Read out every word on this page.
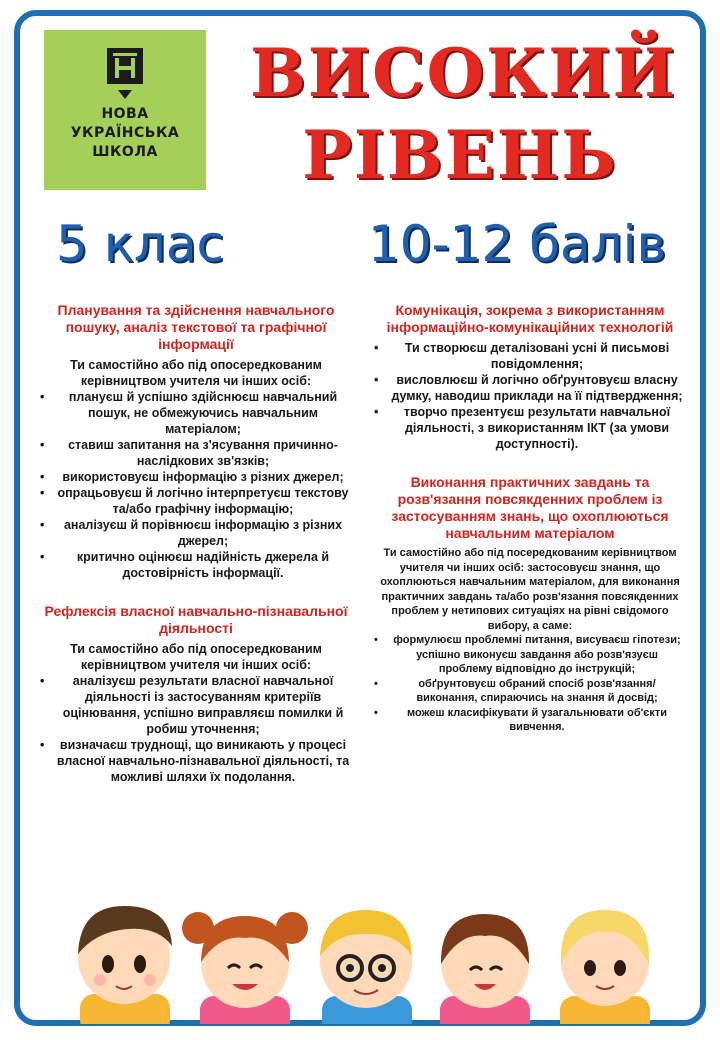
НОВА
УКРАЇНСЬКА
ШКОЛА
ВИСОКИЙ
РІВЕНЬ
5 клас	10-12 балів
Планування та здійснення навчального пошуку, аналіз текстової та графічної інформації
Ти самостійно або під опосередкованим керівництвом учителя чи інших осіб:
• плануєш й успішно здійснюєш навчальний пошук, не обмежуючись навчальним матеріалом;
• ставиш запитання на з'ясування причинно-наслідкових зв'язків;
• використовуєш інформацію з різних джерел;
• опрацьовуєш й логічно інтерпретуєш текстову та/або графічну інформацію;
• аналізуєш й порівнюєш інформацію з різних джерел;
• критично оцінюєш надійність джерела й достовірність інформації.
Рефлексія власної навчально-пізнавальної діяльності
Ти самостійно або під опосередкованим керівництвом учителя чи інших осіб:
• аналізуєш результати власної навчальної діяльності із застосуванням критеріїв оцінювання, успішно виправляєш помилки й робиш уточнення;
• визначаєш труднощі, що виникають у процесі власної навчально-пізнавальної діяльності, та можливі шляхи їх подолання.
Комунікація, зокрема з використанням інформаційно-комунікаційних технологій
• Ти створюєш деталізовані усні й письмові повідомлення;
• висловлюєш й логічно обґрунтовуєш власну думку, наводиш приклади на її підтвердження;
• творчо презентуєш результати навчальної діяльності, з використанням ІКТ (за умови доступності).
Виконання практичних завдань та розв'язання повсякденних проблем із застосуванням знань, що охоплюються навчальним матеріалом
Ти самостійно або під посередкованим керівництвом учителя чи інших осіб: застосовуєш знання, що охоплюються навчальним матеріалом, для виконання практичних завдань та/або розв'язання повсякденних проблем у нетипових ситуаціях на рівні свідомого вибору, а саме:
• формулюєш проблемні питання, висуваєш гіпотези; успішно виконуєш завдання або розв'язуєш проблему відповідно до інструкцій;
• обґрунтовуєш обраний спосіб розв'язання/виконання, спираючись на знання й досвід;
• можеш класифікувати й узагальнювати об'єкти вивчення.
